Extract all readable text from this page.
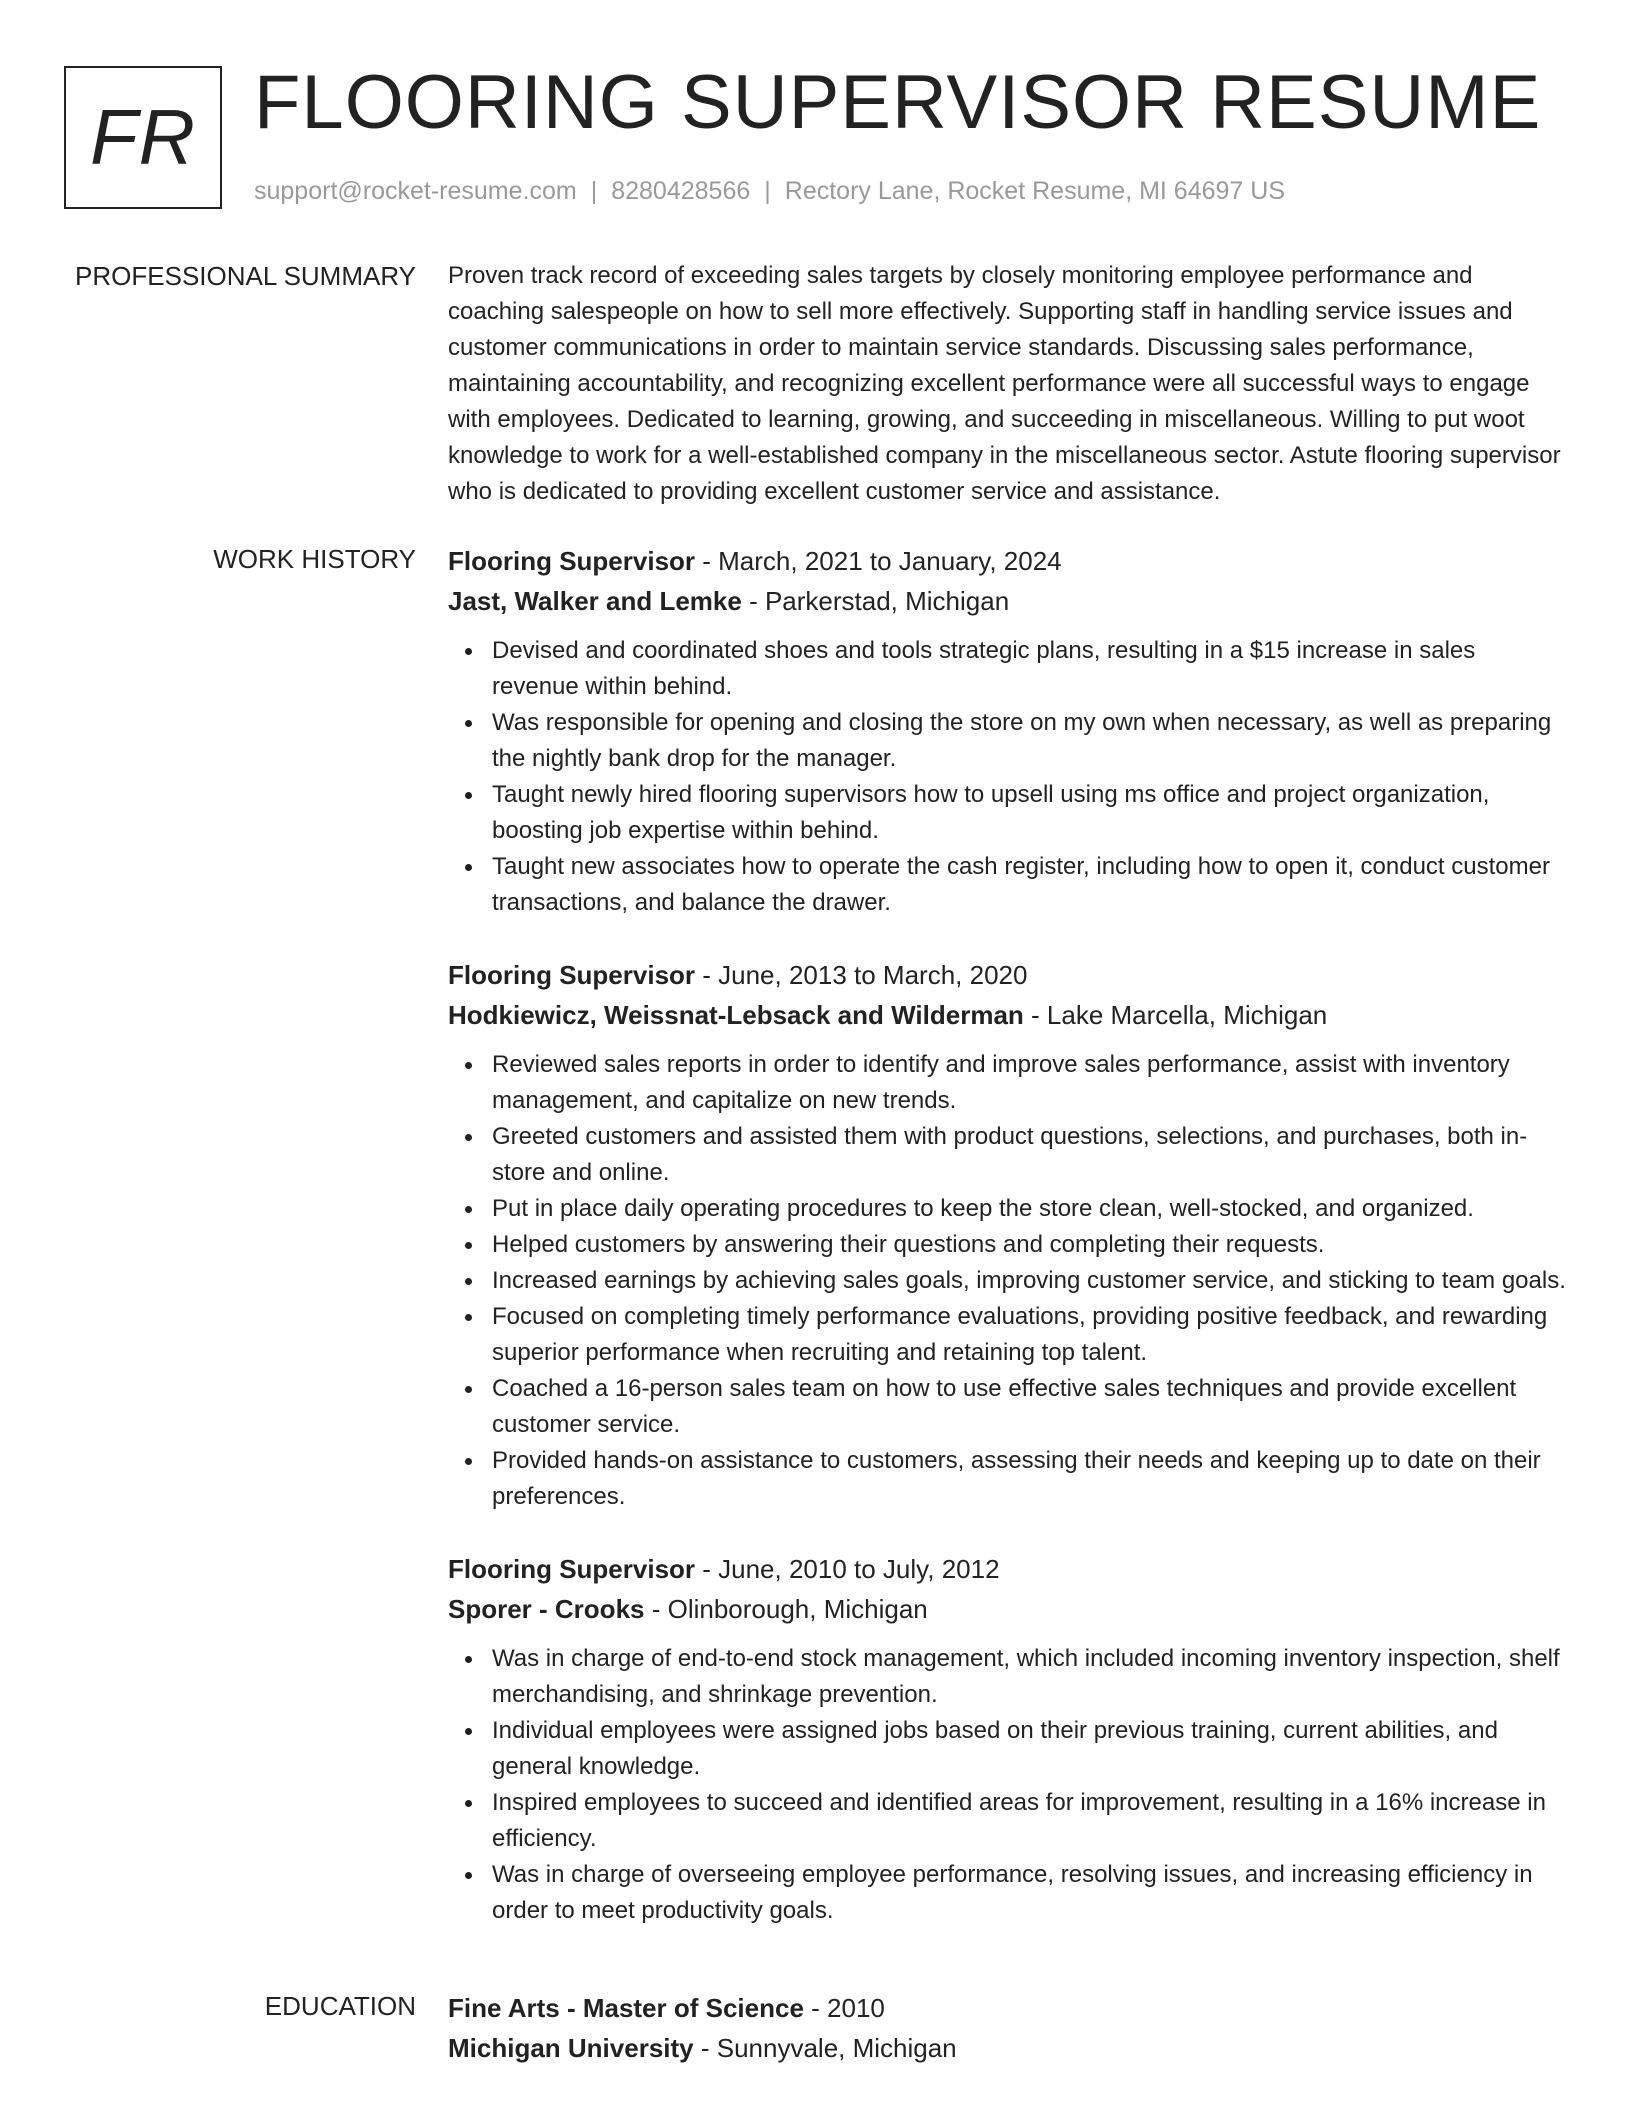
FR FLOORING SUPERVISOR RESUME
support@rocket-resume.com | 8280428566 | Rectory Lane, Rocket Resume, MI 64697 US
PROFESSIONAL SUMMARY Proven track record of exceeding sales targets by closely monitoring employee performance and coaching salespeople on how to sell more effectively. Supporting staff in handling service issues and customer communications in order to maintain service standards. Discussing sales performance, maintaining accountability, and recognizing excellent performance were all successful ways to engage with employees. Dedicated to learning, growing, and succeeding in miscellaneous. Willing to put woot knowledge to work for a well-established company in the miscellaneous sector. Astute flooring supervisor who is dedicated to providing excellent customer service and assistance.

WORK HISTORY Flooring Supervisor - March, 2021 to January, 2024
Jast, Walker and Lemke - Parkerstad, Michigan
Devised and coordinated shoes and tools strategic plans, resulting in a $15 increase in sales revenue within behind.
Was responsible for opening and closing the store on my own when necessary, as well as preparing the nightly bank drop for the manager.
Taught newly hired flooring supervisors how to upsell using ms office and project organization, boosting job expertise within behind.
Taught new associates how to operate the cash register, including how to open it, conduct customer transactions, and balance the drawer.
Flooring Supervisor - June, 2013 to March, 2020
Hodkiewicz, Weissnat-Lebsack and Wilderman - Lake Marcella, Michigan
Reviewed sales reports in order to identify and improve sales performance, assist with inventory management, and capitalize on new trends.
Greeted customers and assisted them with product questions, selections, and purchases, both in-store and online.
Put in place daily operating procedures to keep the store clean, well-stocked, and organized.
Helped customers by answering their questions and completing their requests.
Increased earnings by achieving sales goals, improving customer service, and sticking to team goals.
Focused on completing timely performance evaluations, providing positive feedback, and rewarding superior performance when recruiting and retaining top talent.
Coached a 16-person sales team on how to use effective sales techniques and provide excellent customer service.
Provided hands-on assistance to customers, assessing their needs and keeping up to date on their preferences.
Flooring Supervisor - June, 2010 to July, 2012
Sporer - Crooks - Olinborough, Michigan
Was in charge of end-to-end stock management, which included incoming inventory inspection, shelf merchandising, and shrinkage prevention.
Individual employees were assigned jobs based on their previous training, current abilities, and general knowledge.
Inspired employees to succeed and identified areas for improvement, resulting in a 16% increase in efficiency.
Was in charge of overseeing employee performance, resolving issues, and increasing efficiency in order to meet productivity goals.
EDUCATION Fine Arts - Master of Science - 2010
Michigan University - Sunnyvale, Michigan
